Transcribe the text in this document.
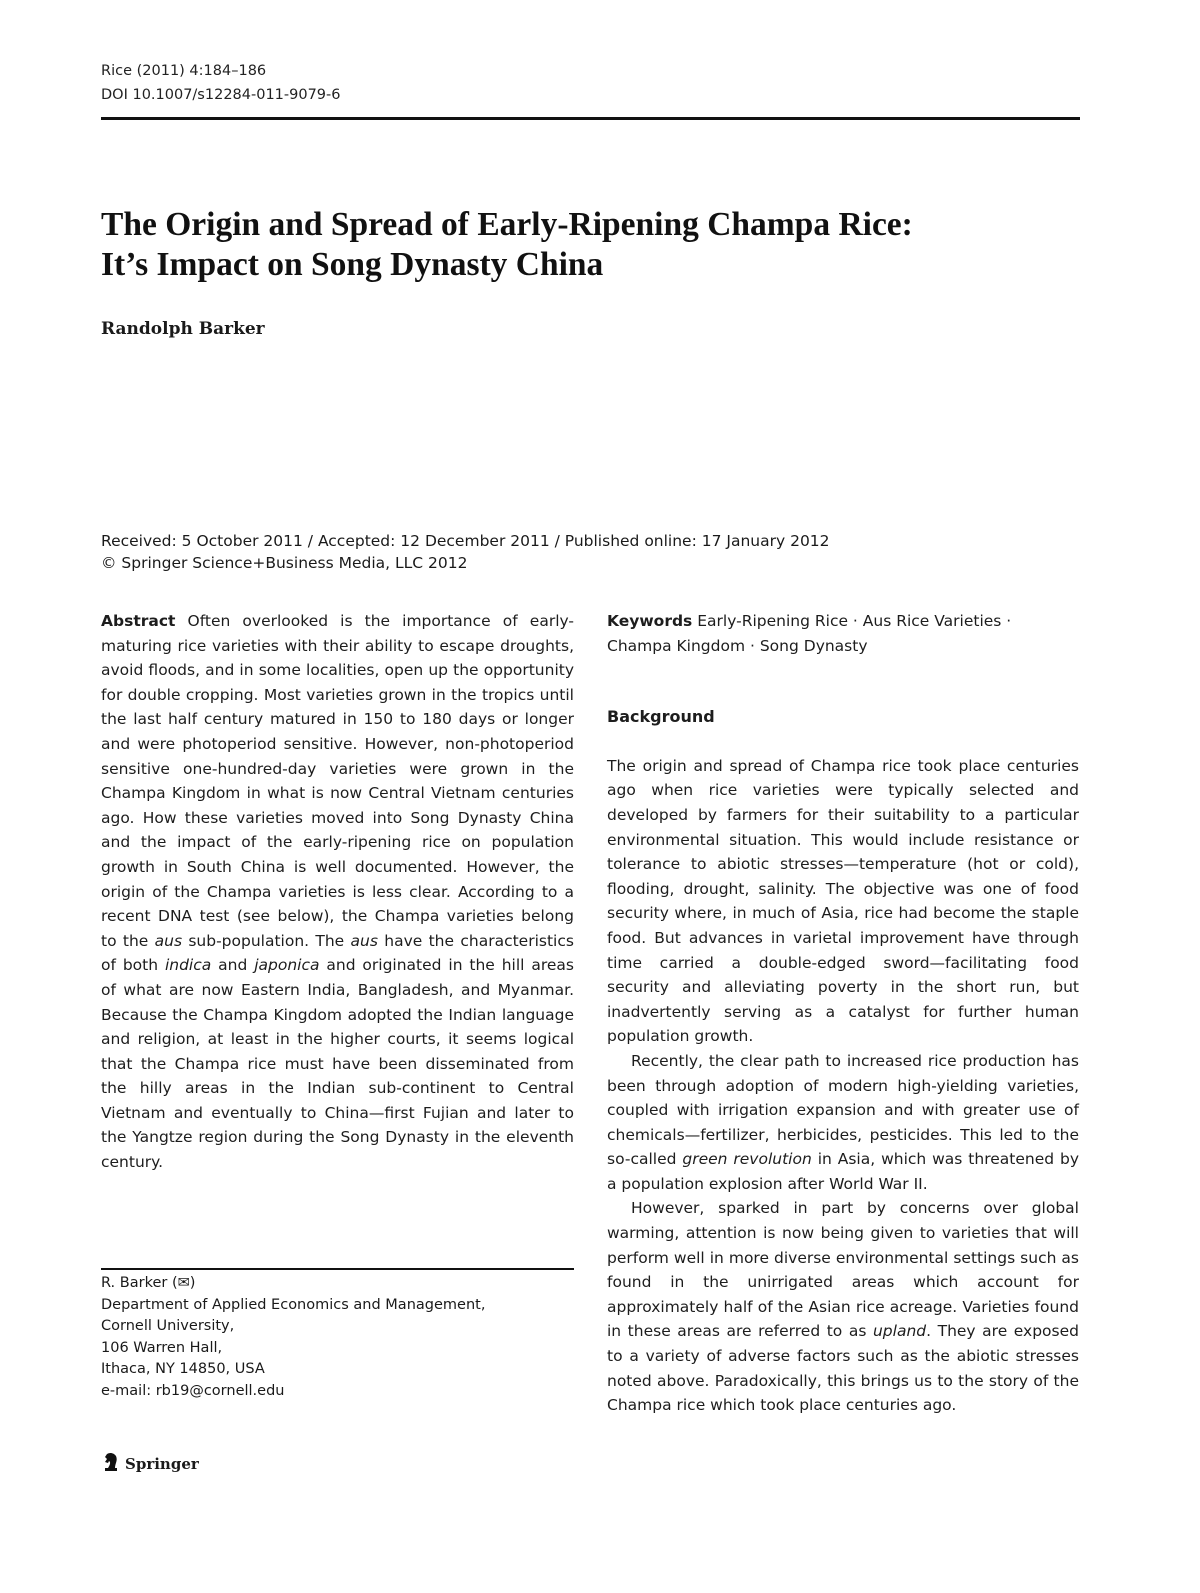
Rice (2011) 4:184–186
DOI 10.1007/s12284-011-9079-6
The Origin and Spread of Early-Ripening Champa Rice:
It’s Impact on Song Dynasty China
Randolph Barker
Received: 5 October 2011 / Accepted: 12 December 2011 / Published online: 17 January 2012
© Springer Science+Business Media, LLC 2012

Abstract Often overlooked is the importance of early-maturing rice varieties with their ability to escape droughts, avoid floods, and in some localities, open up the opportunity for double cropping. Most varieties grown in the tropics until the last half century matured in 150 to 180 days or longer and were photoperiod sensitive. However, non-photoperiod sensitive one-hundred-day varieties were grown in the Champa Kingdom in what is now Central Vietnam centuries ago. How these varieties moved into Song Dynasty China and the impact of the early-ripening rice on population growth in South China is well documented. However, the origin of the Champa varieties is less clear. According to a recent DNA test (see below), the Champa varieties belong to the aus sub-population. The aus have the characteristics of both indica and japonica and originated in the hill areas of what are now Eastern India, Bangladesh, and Myanmar. Because the Champa Kingdom adopted the Indian language and religion, at least in the higher courts, it seems logical that the Champa rice must have been disseminated from the hilly areas in the Indian sub-continent to Central Vietnam and eventually to China—first Fujian and later to the Yangtze region during the Song Dynasty in the eleventh century.

R. Barker (✉)
Department of Applied Economics and Management,
Cornell University,
106 Warren Hall,
Ithaca, NY 14850, USA
e-mail: rb19@cornell.edu

Keywords Early-Ripening Rice · Aus Rice Varieties · Champa Kingdom · Song Dynasty

Background

The origin and spread of Champa rice took place centuries ago when rice varieties were typically selected and developed by farmers for their suitability to a particular environmental situation. This would include resistance or tolerance to abiotic stresses—temperature (hot or cold), flooding, drought, salinity. The objective was one of food security where, in much of Asia, rice had become the staple food. But advances in varietal improvement have through time carried a double-edged sword—facilitating food security and alleviating poverty in the short run, but inadvertently serving as a catalyst for further human population growth.

Recently, the clear path to increased rice production has been through adoption of modern high-yielding varieties, coupled with irrigation expansion and with greater use of chemicals—fertilizer, herbicides, pesticides. This led to the so-called green revolution in Asia, which was threatened by a population explosion after World War II.

However, sparked in part by concerns over global warming, attention is now being given to varieties that will perform well in more diverse environmental settings such as found in the unirrigated areas which account for approximately half of the Asian rice acreage. Varieties found in these areas are referred to as upland. They are exposed to a variety of adverse factors such as the abiotic stresses noted above. Paradoxically, this brings us to the story of the Champa rice which took place centuries ago.

Springer
